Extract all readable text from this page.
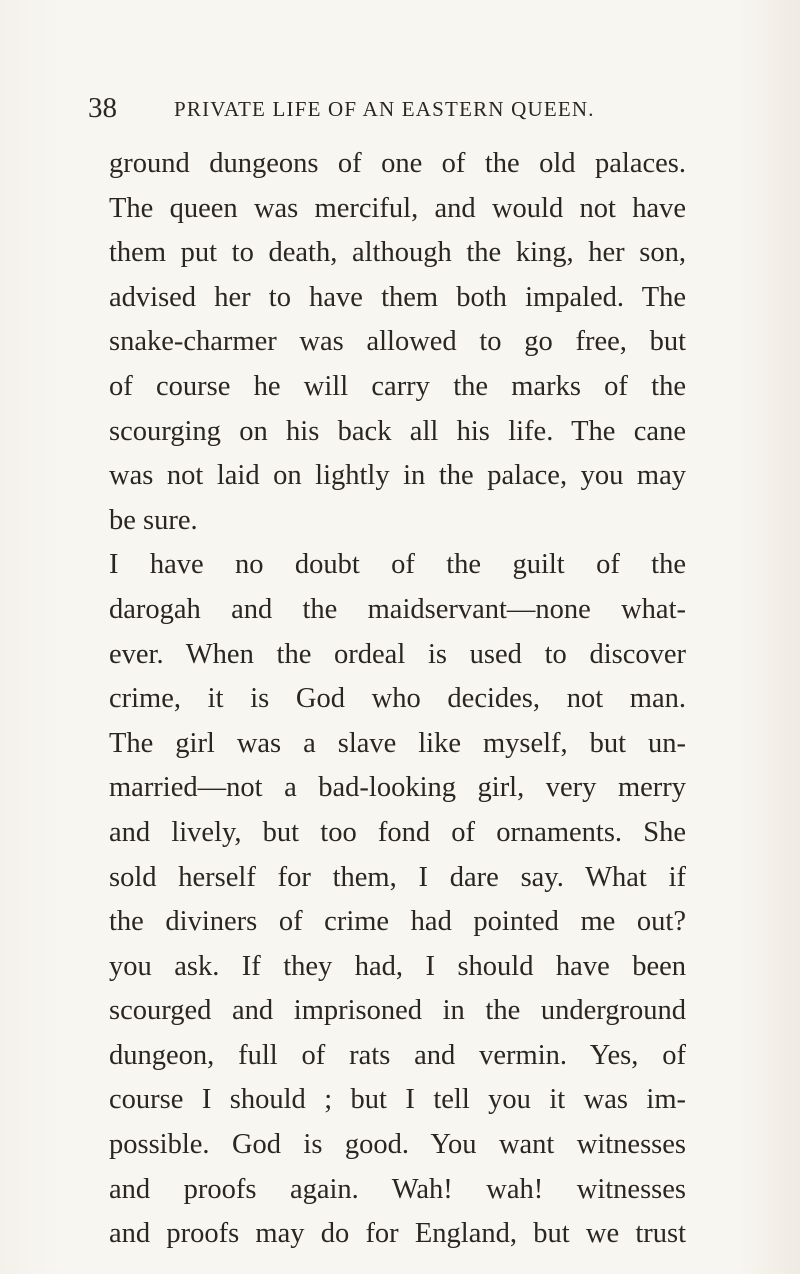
38	PRIVATE LIFE OF AN EASTERN QUEEN.
ground dungeons of one of the old palaces.
The queen was merciful, and would not have
them put to death, although the king, her son,
advised her to have them both impaled. The
snake-charmer was allowed to go free, but
of course he will carry the marks of the
scourging on his back all his life. The cane
was not laid on lightly in the palace, you may
be sure.
I have no doubt of the guilt of the
darogah and the maidservant—none what-
ever. When the ordeal is used to discover
crime, it is God who decides, not man.
The girl was a slave like myself, but un-
married—not a bad-looking girl, very merry
and lively, but too fond of ornaments. She
sold herself for them, I dare say. What if
the diviners of crime had pointed me out?
you ask. If they had, I should have been
scourged and imprisoned in the underground
dungeon, full of rats and vermin. Yes, of
course I should ; but I tell you it was im-
possible. God is good. You want witnesses
and proofs again. Wah! wah! witnesses
and proofs may do for England, but we trust
